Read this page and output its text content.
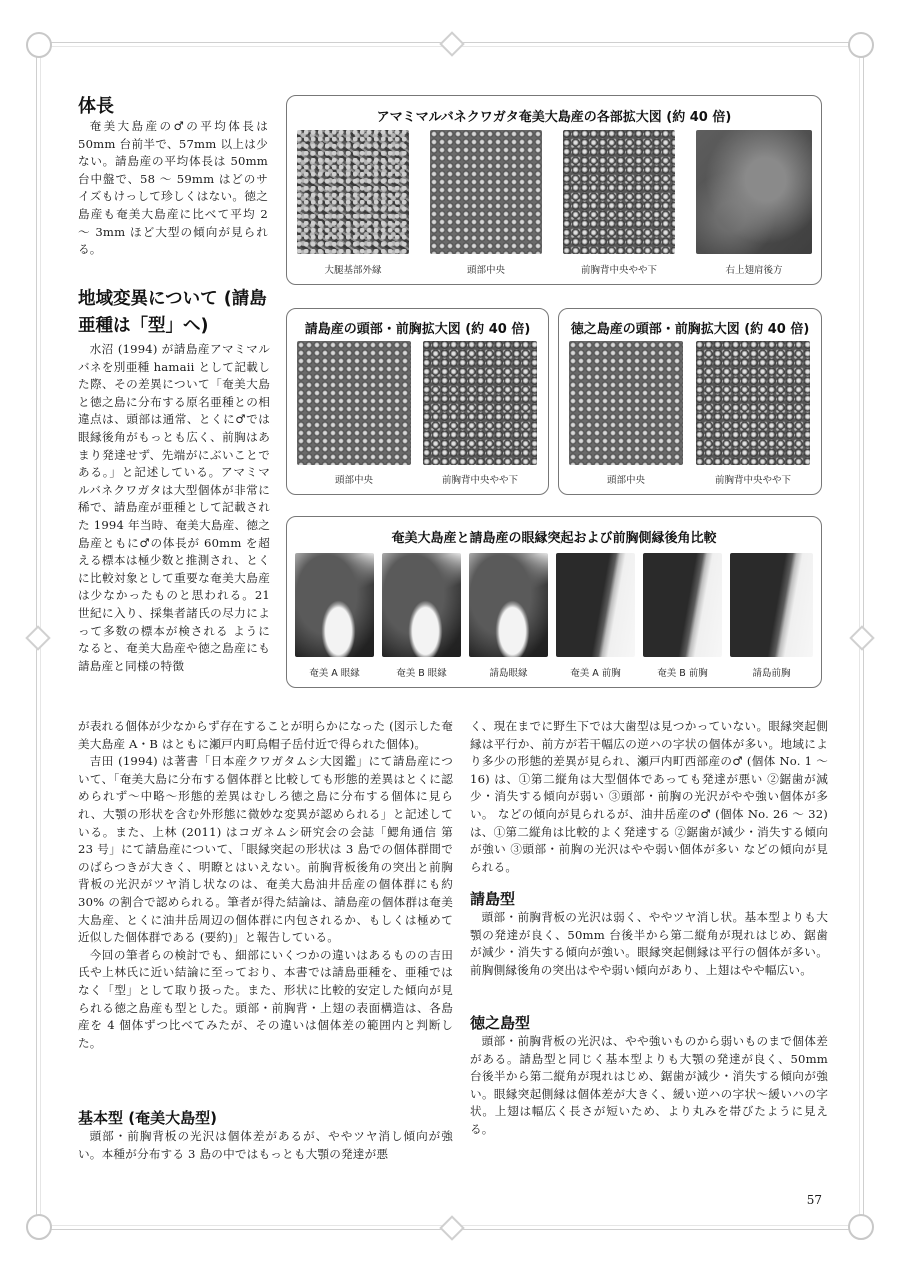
体長

奄美大島産の♂の平均体長は 50mm 台前半で、57mm 以上は少ない。請島産の平均体長は 50mm 台中盤で、58 ～ 59mm はどのサイズもけっして珍しくはない。徳之島産も奄美大島産に比べて平均 2 ～ 3mm ほど大型の傾向が見られる。

地域変異について (請島亜種は「型」へ)

水沼 (1994) が請島産アマミマルバネを別亜種 hamaii として記載した際、その差異について「奄美大島と徳之島に分布する原名亜種との相違点は、頭部は通常、とくに♂では眼縁後角がもっとも広く、前胸はあまり発達せず、先端がにぶいことである。」と記述している。アマミマルバネクワガタは大型個体が非常に稀で、請島産が亜種として記載された 1994 年当時、奄美大島産、徳之島産ともに♂の体長が 60mm を超える標本は極少数と推測され、とくに比較対象として重要な奄美大島産は少なかったものと思われる。21 世紀に入り、採集者諸氏の尽力によって多数の標本が検される ようになると、奄美大島産や徳之島産にも請島産と同様の特徴

が表れる個体が少なからず存在することが明らかになった (図示した奄美大島産 A・B はともに瀬戸内町烏帽子岳付近で得られた個体)。

吉田 (1994) は著書「日本産クワガタムシ大図鑑」にて請島産について、「奄美大島に分布する個体群と比較しても形態的差異はとくに認められず～中略～形態的差異はむしろ徳之島に分布する個体に見られ、大顎の形状を含む外形態に微妙な変異が認められる」と記述している。また、上林 (2011) はコガネムシ研究会の会誌「鰓角通信 第 23 号」にて請島産について、「眼縁突起の形状は 3 島での個体群間でのばらつきが大きく、明瞭とはいえない。前胸背板後角の突出と前胸背板の光沢がツヤ消し状なのは、奄美大島油井岳産の個体群にも約 30% の割合で認められる。筆者が得た結論は、請島産の個体群は奄美大島産、とくに油井岳周辺の個体群に内包されるか、もしくは極めて近似した個体群である (要約)」と報告している。

今回の筆者らの検討でも、細部にいくつかの違いはあるものの吉田氏や上林氏に近い結論に至っており、本書では請島亜種を、亜種ではなく「型」として取り扱った。また、形状に比較的安定した傾向が見られる徳之島産も型とした。頭部・前胸背・上翅の表面構造は、各島産を 4 個体ずつ比べてみたが、その違いは個体差の範囲内と判断した。

基本型 (奄美大島型)

頭部・前胸背板の光沢は個体差があるが、ややツヤ消し傾向が強い。本種が分布する 3 島の中ではもっとも大顎の発達が悪

く、現在までに野生下では大歯型は見つかっていない。眼縁突起側縁は平行か、前方が若干幅広の逆ハの字状の個体が多い。地域により多少の形態的差異が見られ、瀬戸内町西部産の♂ (個体 No. 1 ～ 16) は、①第二縦角は大型個体であっても発達が悪い ②鋸歯が減少・消失する傾向が弱い ③頭部・前胸の光沢がやや強い個体が多い。 などの傾向が見られるが、油井岳産の♂ (個体 No. 26 ～ 32) は、①第二縦角は比較的よく発達する ②鋸歯が減少・消失する傾向が強い ③頭部・前胸の光沢はやや弱い個体が多い などの傾向が見られる。

請島型

頭部・前胸背板の光沢は弱く、ややツヤ消し状。基本型よりも大顎の発達が良く、50mm 台後半から第二縦角が現れはじめ、鋸歯が減少・消失する傾向が強い。眼縁突起側縁は平行の個体が多い。前胸側縁後角の突出はやや弱い傾向があり、上翅はやや幅広い。

徳之島型

頭部・前胸背板の光沢は、やや強いものから弱いものまで個体差がある。請島型と同じく基本型よりも大顎の発達が良く、50mm 台後半から第二縦角が現れはじめ、鋸歯が減少・消失する傾向が強い。眼縁突起側縁は個体差が大きく、緩い逆ハの字状～緩いハの字状。上翅は幅広く長さが短いため、より丸みを帯びたように見える。

アマミマルバネクワガタ奄美大島産の各部拡大図 (約 40 倍)
大腿基部外縁	頭部中央	前胸背中央やや下	右上翅肩後方
請島産の頭部・前胸拡大図 (約 40 倍)
頭部中央	前胸背中央やや下
徳之島産の頭部・前胸拡大図 (約 40 倍)
頭部中央	前胸背中央やや下
奄美大島産と請島産の眼縁突起および前胸側縁後角比較
奄美 A 眼縁	奄美 B 眼縁	請島眼縁	奄美 A 前胸	奄美 B 前胸	請島前胸
57
